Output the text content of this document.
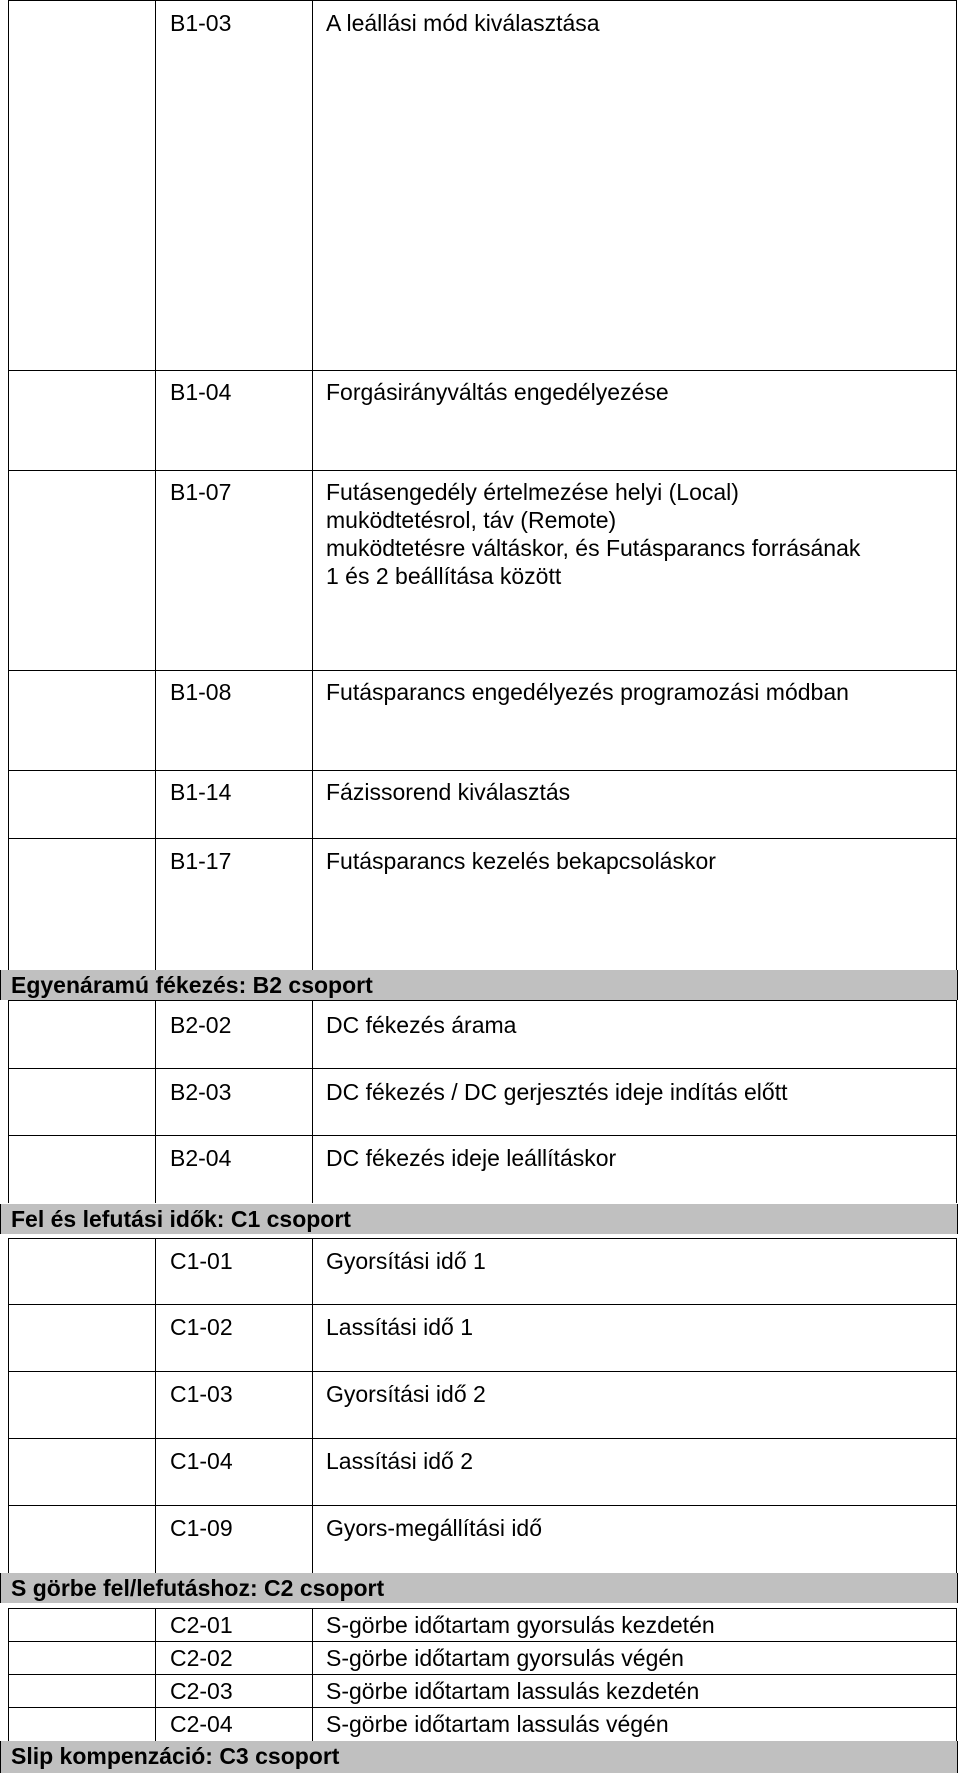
B1-03	A leállási mód kiválasztása
B1-04	Forgásirányváltás engedélyezése
B1-07	Futásengedély értelmezése helyi (Local)
muködtetésrol, táv (Remote)
muködtetésre váltáskor, és Futásparancs forrásának
1 és 2 beállítása között
B1-08	Futásparancs engedélyezés programozási módban
B1-14	Fázissorend kiválasztás
B1-17	Futásparancs kezelés bekapcsoláskor
Egyenáramú fékezés: B2 csoport
B2-02	DC fékezés árama
B2-03	DC fékezés / DC gerjesztés ideje indítás előtt
B2-04	DC fékezés ideje leállításkor
Fel és lefutási idők: C1 csoport
C1-01	Gyorsítási idő 1
C1-02	Lassítási idő 1
C1-03	Gyorsítási idő 2
C1-04	Lassítási idő 2
C1-09	Gyors-megállítási idő
S görbe fel/lefutáshoz: C2 csoport
C2-01	S-görbe időtartam gyorsulás kezdetén
C2-02	S-görbe időtartam gyorsulás végén
C2-03	S-görbe időtartam lassulás kezdetén
C2-04	S-görbe időtartam lassulás végén
Slip kompenzáció: C3 csoport
